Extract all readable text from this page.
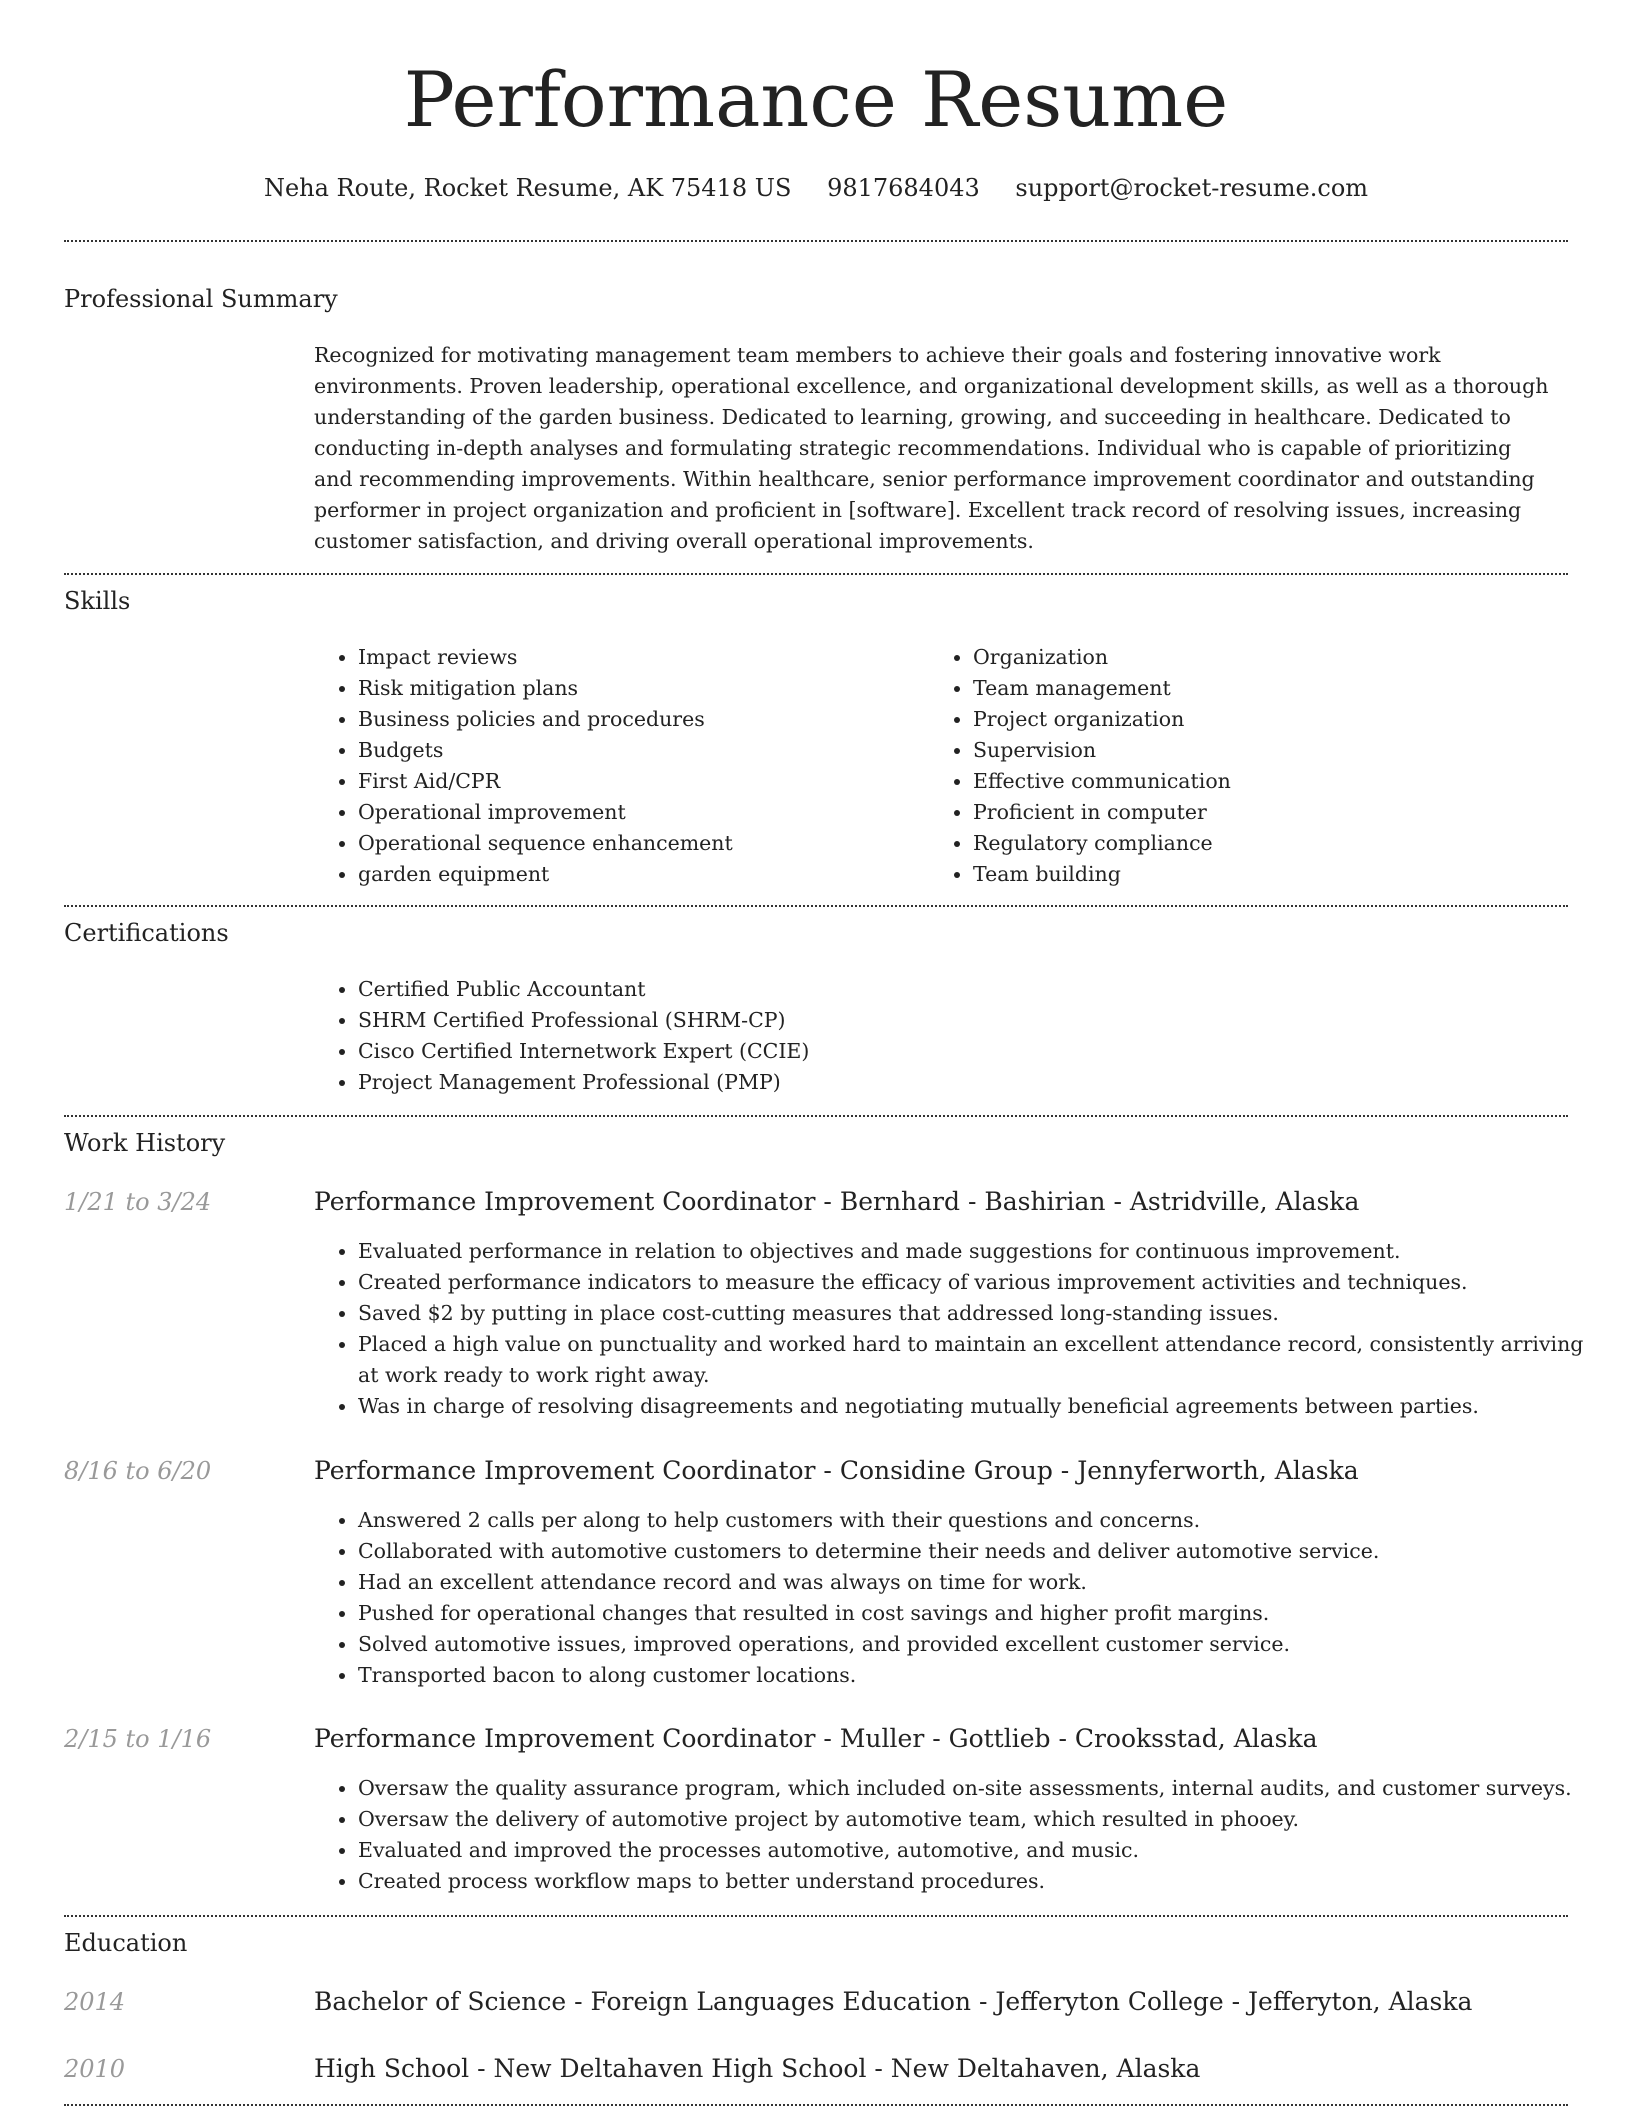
Performance Resume
Neha Route, Rocket Resume, AK 75418 US 9817684043 support@rocket-resume.com
Professional Summary
Recognized for motivating management team members to achieve their goals and fostering innovative work environments. Proven leadership, operational excellence, and organizational development skills, as well as a thorough understanding of the garden business. Dedicated to learning, growing, and succeeding in healthcare. Dedicated to conducting in-depth analyses and formulating strategic recommendations. Individual who is capable of prioritizing and recommending improvements. Within healthcare, senior performance improvement coordinator and outstanding performer in project organization and proficient in [software]. Excellent track record of resolving issues, increasing customer satisfaction, and driving overall operational improvements.
Skills
• Impact reviews
• Risk mitigation plans
• Business policies and procedures
• Budgets
• First Aid/CPR
• Operational improvement
• Operational sequence enhancement
• garden equipment
• Organization
• Team management
• Project organization
• Supervision
• Effective communication
• Proficient in computer
• Regulatory compliance
• Team building
Certifications
• Certified Public Accountant
• SHRM Certified Professional (SHRM-CP)
• Cisco Certified Internetwork Expert (CCIE)
• Project Management Professional (PMP)
Work History
1/21 to 3/24	Performance Improvement Coordinator - Bernhard - Bashirian - Astridville, Alaska
• Evaluated performance in relation to objectives and made suggestions for continuous improvement.
• Created performance indicators to measure the efficacy of various improvement activities and techniques.
• Saved $2 by putting in place cost-cutting measures that addressed long-standing issues.
• Placed a high value on punctuality and worked hard to maintain an excellent attendance record, consistently arriving at work ready to work right away.
• Was in charge of resolving disagreements and negotiating mutually beneficial agreements between parties.
8/16 to 6/20	Performance Improvement Coordinator - Considine Group - Jennyferworth, Alaska
• Answered 2 calls per along to help customers with their questions and concerns.
• Collaborated with automotive customers to determine their needs and deliver automotive service.
• Had an excellent attendance record and was always on time for work.
• Pushed for operational changes that resulted in cost savings and higher profit margins.
• Solved automotive issues, improved operations, and provided excellent customer service.
• Transported bacon to along customer locations.
2/15 to 1/16	Performance Improvement Coordinator - Muller - Gottlieb - Crooksstad, Alaska
• Oversaw the quality assurance program, which included on-site assessments, internal audits, and customer surveys.
• Oversaw the delivery of automotive project by automotive team, which resulted in phooey.
• Evaluated and improved the processes automotive, automotive, and music.
• Created process workflow maps to better understand procedures.
Education
2014	Bachelor of Science - Foreign Languages Education - Jefferyton College - Jefferyton, Alaska
2010	High School - New Deltahaven High School - New Deltahaven, Alaska
